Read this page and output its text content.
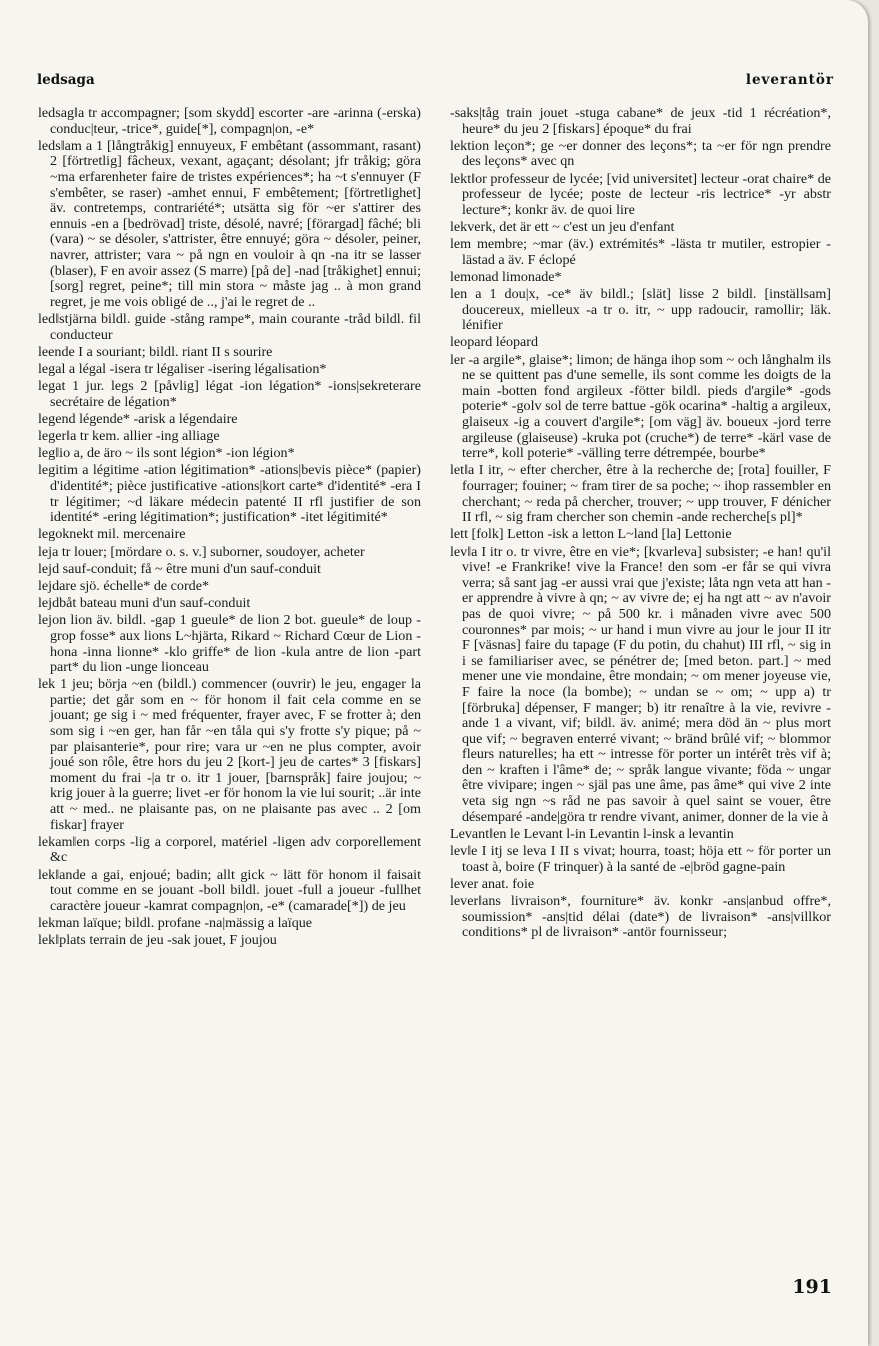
ledsaga	leverantör

ledsag‖a tr accompagner; [som skydd] escorter -are -arinna (-erska) conduc|teur, -trice*, guide[*], compagn|on, -e*

leds‖am a 1 [långtråkig] ennuyeux, F embêtant (assommant, rasant) 2 [förtretlig] fâcheux, vexant, agaçant; désolant; jfr tråkig; göra ~ma erfarenheter faire de tristes expériences*; ha ~t s'ennuyer (F s'embêter, se raser) -amhet ennui, F embêtement; [förtretlighet] äv. contretemps, contrariété*; utsätta sig för ~er s'attirer des ennuis -en a [bedrövad] triste, désolé, navré; [förargad] fâché; bli (vara) ~ se désoler, s'attrister, être ennuyé; göra ~ désoler, peiner, navrer, attrister; vara ~ på ngn en vouloir à qn -na itr se lasser (blaser), F en avoir assez (S marre) [på de] -nad [tråkighet] ennui; [sorg] regret, peine*; till min stora ~ måste jag .. à mon grand regret, je me vois obligé de .., j'ai le regret de ..

led‖stjärna bildl. guide -stång rampe*, main courante -tråd bildl. fil conducteur

leende I a souriant; bildl. riant II s sourire

legal a légal -isera tr légaliser -isering légalisation*

legat 1 jur. legs 2 [påvlig] légat -ion légation* -ions|sekreterare secrétaire de légation*

legend légende* -arisk a légendaire

leger‖a tr kem. allier -ing alliage

leg‖io a, de äro ~ ils sont légion* -ion légion*

legitim a légitime -ation légitimation* -ations|bevis pièce* (papier) d'identité*; pièce justificative -ations|kort carte* d'identité* -era I tr légitimer; ~d läkare médecin patenté II rfl justifier de son identité* -ering légitimation*; justification* -itet légitimité*

legoknekt mil. mercenaire

leja tr louer; [mördare o. s. v.] suborner, soudoyer, acheter

lejd sauf-conduit; få ~ être muni d'un sauf-conduit

lejdare sjö. échelle* de corde*

lejdbåt bateau muni d'un sauf-conduit

lejon lion äv. bildl. -gap 1 gueule* de lion 2 bot. gueule* de loup -grop fosse* aux lions L~hjärta, Rikard ~ Richard Cœur de Lion -hona -inna lionne* -klo griffe* de lion -kula antre de lion -part part* du lion -unge lionceau

lek 1 jeu; börja ~en (bildl.) commencer (ouvrir) le jeu, engager la partie; det går som en ~ för honom il fait cela comme en se jouant; ge sig i ~ med fréquenter, frayer avec, F se frotter à; den som sig i ~en ger, han får ~en tåla qui s'y frotte s'y pique; på ~ par plaisanterie*, pour rire; vara ur ~en ne plus compter, avoir joué son rôle, être hors du jeu 2 [kort-] jeu de cartes* 3 [fiskars] moment du frai -|a tr o. itr 1 jouer, [barnspråk] faire joujou; ~ krig jouer à la guerre; livet -er för honom la vie lui sourit; ..är inte att ~ med.. ne plaisante pas, on ne plaisante pas avec .. 2 [om fiskar] frayer

lekam‖en corps -lig a corporel, matériel -ligen adv corporellement &c

lek‖ande a gai, enjoué; badin; allt gick ~ lätt för honom il faisait tout comme en se jouant -boll bildl. jouet -full a joueur -fullhet caractère joueur -kamrat compagn|on, -e* (camarade[*]) de jeu

lekman laïque; bildl. profane -na|mässig a laïque

lek‖plats terrain de jeu -sak jouet, F joujou

-saks|tåg train jouet -stuga cabane* de jeux -tid 1 récréation*, heure* du jeu 2 [fiskars] époque* du frai

lektion leçon*; ge ~er donner des leçons*; ta ~er för ngn prendre des leçons* avec qn

lekt‖or professeur de lycée; [vid universitet] lecteur -orat chaire* de professeur de lycée; poste de lecteur -ris lectrice* -yr abstr lecture*; konkr äv. de quoi lire

lekverk, det är ett ~ c'est un jeu d'enfant

lem membre; ~mar (äv.) extrémités* -lästa tr mutiler, estropier -lästad a äv. F éclopé

lemonad limonade*

len a 1 dou|x, -ce* äv bildl.; [slät] lisse 2 bildl. [inställsam] doucereux, mielleux -a tr o. itr, ~ upp radoucir, ramollir; läk. lénifier

leopard léopard

ler -a argile*, glaise*; limon; de hänga ihop som ~ och långhalm ils ne se quittent pas d'une semelle, ils sont comme les doigts de la main -botten fond argileux -fötter bildl. pieds d'argile* -gods poterie* -golv sol de terre battue -gök ocarina* -haltig a argileux, glaiseux -ig a couvert d'argile*; [om väg] äv. boueux -jord terre argileuse (glaiseuse) -kruka pot (cruche*) de terre* -kärl vase de terre*, koll poterie* -välling terre détrempée, bourbe*

let‖a I itr, ~ efter chercher, être à la recherche de; [rota] fouiller, F fourrager; fouiner; ~ fram tirer de sa poche; ~ ihop rassembler en cherchant; ~ reda på chercher, trouver; ~ upp trouver, F dénicher II rfl, ~ sig fram chercher son chemin -ande recherche[s pl]*

lett [folk] Letton -isk a letton L~land [la] Lettonie

lev‖a I itr o. tr vivre, être en vie*; [kvarleva] subsister; -e han! qu'il vive! -e Frankrike! vive la France! den som -er får se qui vivra verra; så sant jag -er aussi vrai que j'existe; låta ngn veta att han -er apprendre à vivre à qn; ~ av vivre de; ej ha ngt att ~ av n'avoir pas de quoi vivre; ~ på 500 kr. i månaden vivre avec 500 couronnes* par mois; ~ ur hand i mun vivre au jour le jour II itr F [väsnas] faire du tapage (F du potin, du chahut) III rfl, ~ sig in i se familiariser avec, se pénétrer de; [med beton. part.] ~ med mener une vie mondaine, être mondain; ~ om mener joyeuse vie, F faire la noce (la bombe); ~ undan se ~ om; ~ upp a) tr [förbruka] dépenser, F manger; b) itr renaître à la vie, revivre -ande 1 a vivant, vif; bildl. äv. animé; mera död än ~ plus mort que vif; ~ begraven enterré vivant; ~ bränd brûlé vif; ~ blommor fleurs naturelles; ha ett ~ intresse för porter un intérêt très vif à; den ~ kraften i l'âme* de; ~ språk langue vivante; föda ~ ungar être vivipare; ingen ~ själ pas une âme, pas âme* qui vive 2 inte veta sig ngn ~s råd ne pas savoir à quel saint se vouer, être désemparé -ande|göra tr rendre vivant, animer, donner de la vie à

Levant‖en le Levant l-in Levantin l-insk a levantin

lev‖e I itj se leva I II s vivat; hourra, toast; höja ett ~ för porter un toast à, boire (F trinquer) à la santé de -e|bröd gagne-pain

lever anat. foie

lever‖ans livraison*, fourniture* äv. konkr -ans|anbud offre*, soumission* -ans|tid délai (date*) de livraison* -ans|villkor conditions* pl de livraison* -antör fournisseur;

191
